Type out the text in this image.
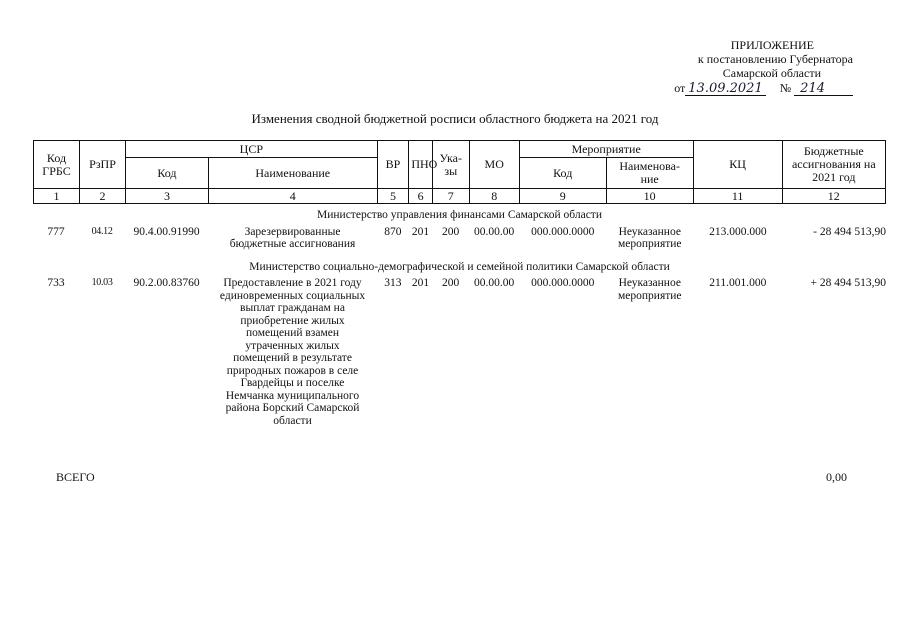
ПРИЛОЖЕНИЕ
к постановлению Губернатора
Самарской области
от 13.09.2021 № 214
Изменения сводной бюджетной росписи областного бюджета на 2021 год
Код ГРБС	РзПР	ЦСР		ВР	ПНО	Ука-зы	МО	Мероприятие		КЦ	Бюджетные ассигнования на 2021 год
		Код	Наименование					Код	Наименова-ние		
1	2	3	4	5	6	7	8	9	10	11	12
Министерство управления финансами Самарской области											
777	04.12	90.4.00.91990	Зарезервированные бюджетные ассигнования	870	201	200	00.00.00	000.000.0000	Неуказанное мероприятие	213.000.000	- 28 494 513,90
Министерство социально-демографической и семейной политики Самарской области											
733	10.03	90.2.00.83760	Предоставление в 2021 году единовременных социальных выплат гражданам на приобретение жилых помещений взамен утраченных жилых помещений в результате природных пожаров в селе Гвардейцы и поселке Немчанка муниципального района Борский Самарской области	313	201	200	00.00.00	000.000.0000	Неуказанное мероприятие	211.001.000	+ 28 494 513,90
ВСЕГО	0,00
